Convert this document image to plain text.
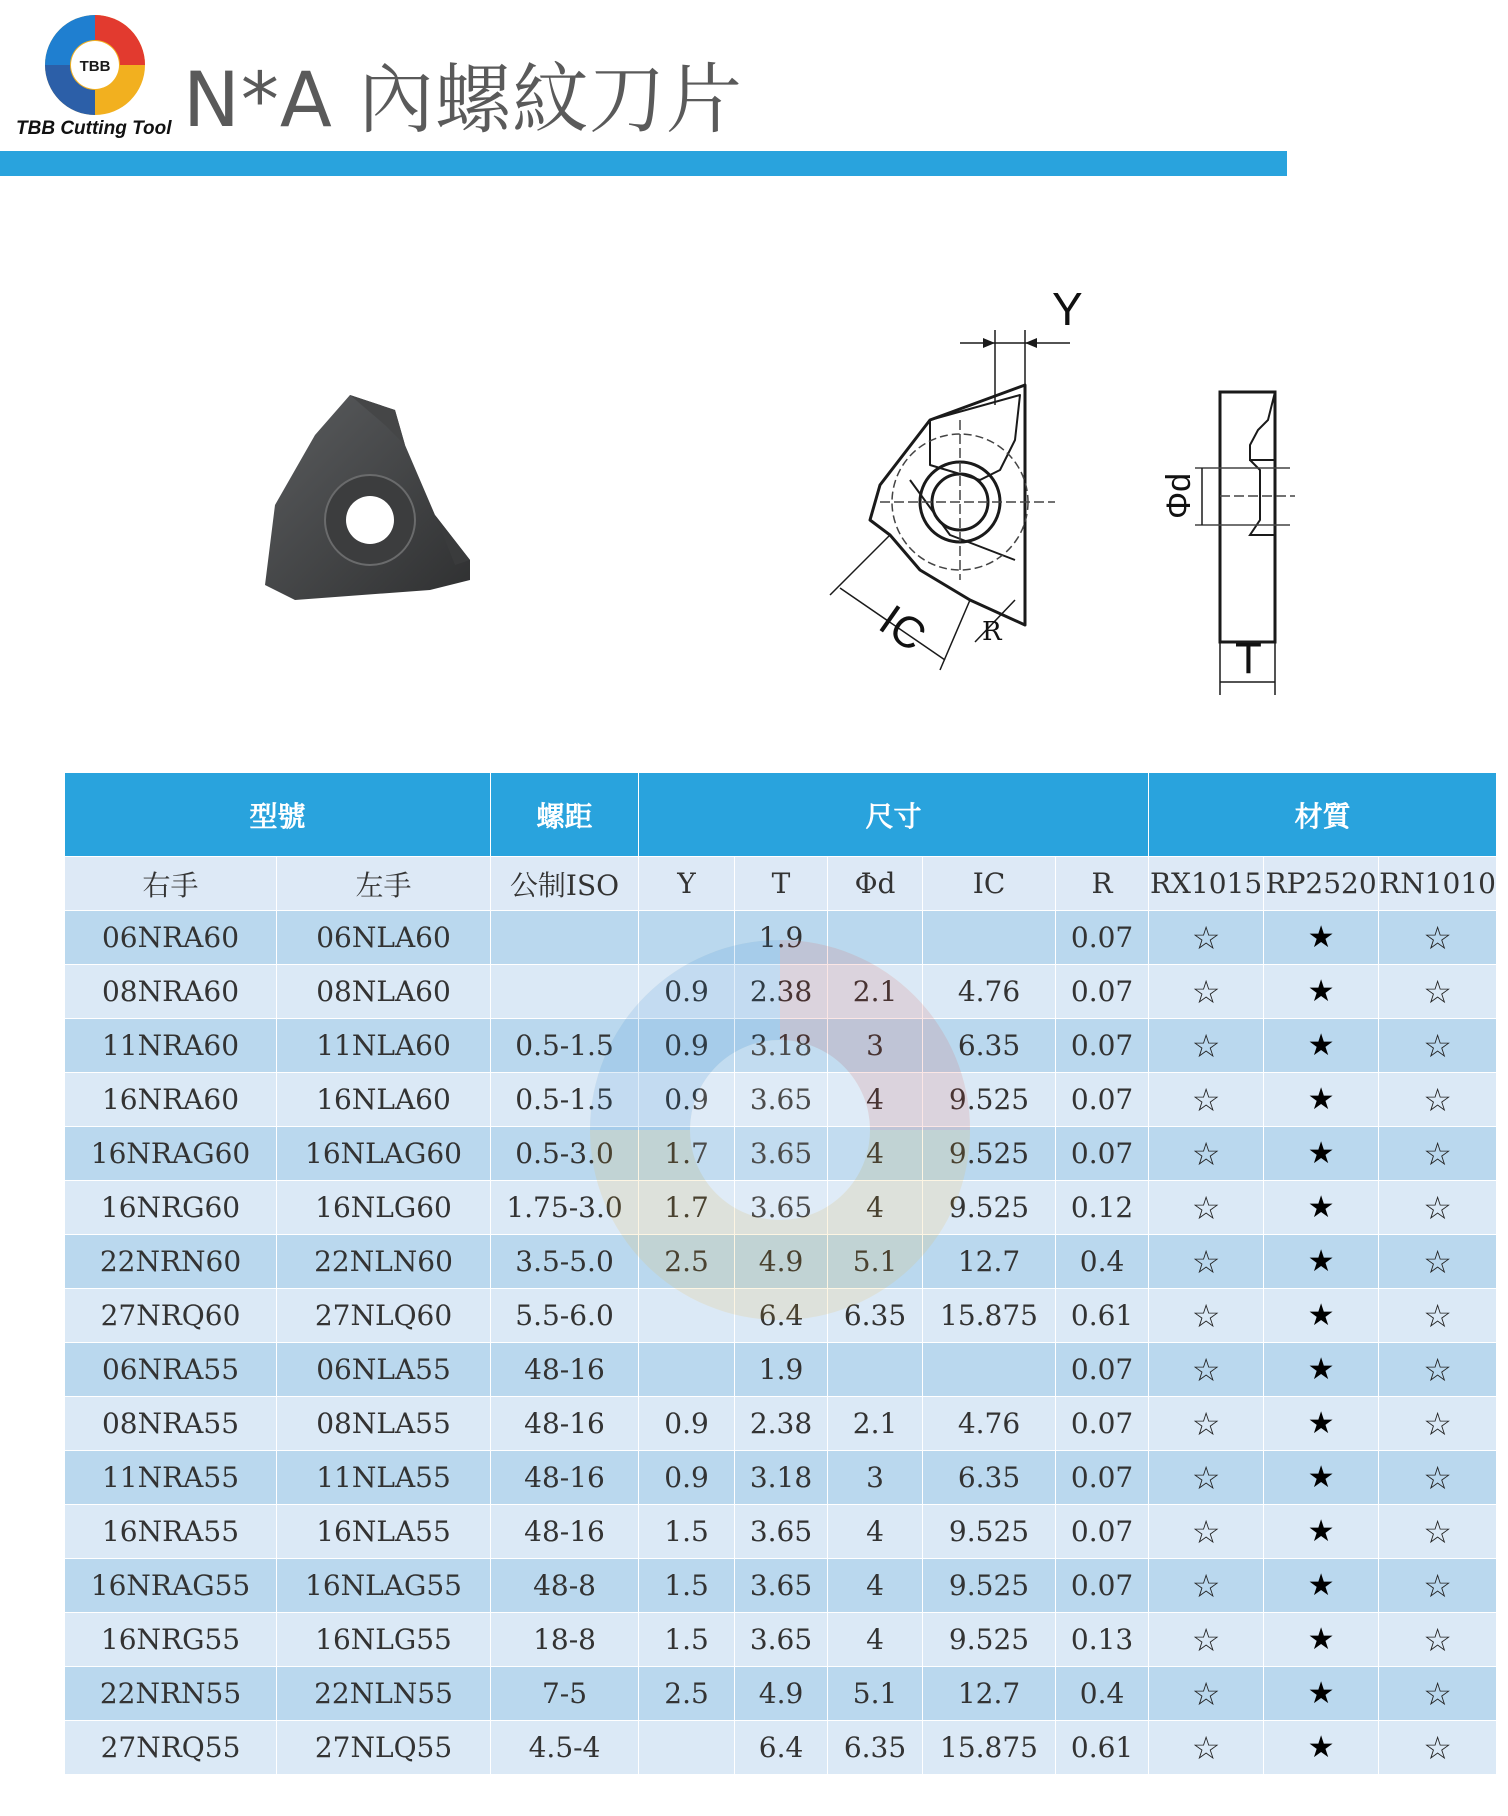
TBB
TBB Cutting Tool N*A 內螺紋刀片
Y
IC R
Φd
T
型號		螺距	尺寸					材質		
右手	左手	公制ISO	Y	T	Φd	IC	R	RX1015	RP2520	RN1010
06NRA60	06NLA60			1.9			0.07	☆	★	☆
08NRA60	08NLA60		0.9	2.38	2.1	4.76	0.07	☆	★	☆
11NRA60	11NLA60	0.5-1.5	0.9	3.18	3	6.35	0.07	☆	★	☆
16NRA60	16NLA60	0.5-1.5	0.9	3.65	4	9.525	0.07	☆	★	☆
16NRAG60	16NLAG60	0.5-3.0	1.7	3.65	4	9.525	0.07	☆	★	☆
16NRG60	16NLG60	1.75-3.0	1.7	3.65	4	9.525	0.12	☆	★	☆
22NRN60	22NLN60	3.5-5.0	2.5	4.9	5.1	12.7	0.4	☆	★	☆
27NRQ60	27NLQ60	5.5-6.0		6.4	6.35	15.875	0.61	☆	★	☆
06NRA55	06NLA55	48-16		1.9			0.07	☆	★	☆
08NRA55	08NLA55	48-16	0.9	2.38	2.1	4.76	0.07	☆	★	☆
11NRA55	11NLA55	48-16	0.9	3.18	3	6.35	0.07	☆	★	☆
16NRA55	16NLA55	48-16	1.5	3.65	4	9.525	0.07	☆	★	☆
16NRAG55	16NLAG55	48-8	1.5	3.65	4	9.525	0.07	☆	★	☆
16NRG55	16NLG55	18-8	1.5	3.65	4	9.525	0.13	☆	★	☆
22NRN55	22NLN55	7-5	2.5	4.9	5.1	12.7	0.4	☆	★	☆
27NRQ55	27NLQ55	4.5-4		6.4	6.35	15.875	0.61	☆	★	☆
